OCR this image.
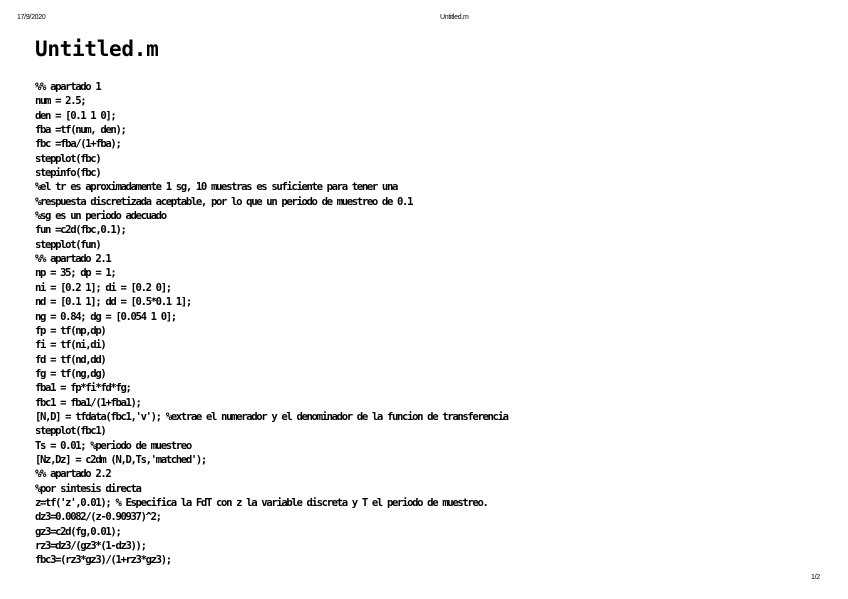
17/9/2020	Untitled.m
Untitled.m
%% apartado 1
num = 2.5;
den = [0.1 1 0];
fba =tf(num, den);
fbc =fba/(1+fba);
stepplot(fbc)
stepinfo(fbc)
%el tr es aproximadamente 1 sg, 10 muestras es suficiente para tener una
%respuesta discretizada aceptable, por lo que un periodo de muestreo de 0.1
%sg es un periodo adecuado
fun =c2d(fbc,0.1);
stepplot(fun)
%% apartado 2.1
np = 35; dp = 1;
ni = [0.2 1]; di = [0.2 0];
nd = [0.1 1]; dd = [0.5*0.1 1];
ng = 0.84; dg = [0.054 1 0];
fp = tf(np,dp)
fi = tf(ni,di)
fd = tf(nd,dd)
fg = tf(ng,dg)
fba1 = fp*fi*fd*fg;
fbc1 = fba1/(1+fba1);
[N,D] = tfdata(fbc1,'v'); %extrae el numerador y el denominador de la funcion de transferencia
stepplot(fbc1)
Ts = 0.01; %periodo de muestreo
[Nz,Dz] = c2dm (N,D,Ts,'matched');
%% apartado 2.2
%por sintesis directa
z=tf('z',0.01); % Especifica la FdT con z la variable discreta y T el periodo de muestreo.
dz3=0.0082/(z-0.90937)^2;
gz3=c2d(fg,0.01);
rz3=dz3/(gz3*(1-dz3));
fbc3=(rz3*gz3)/(1+rz3*gz3);
1/2
